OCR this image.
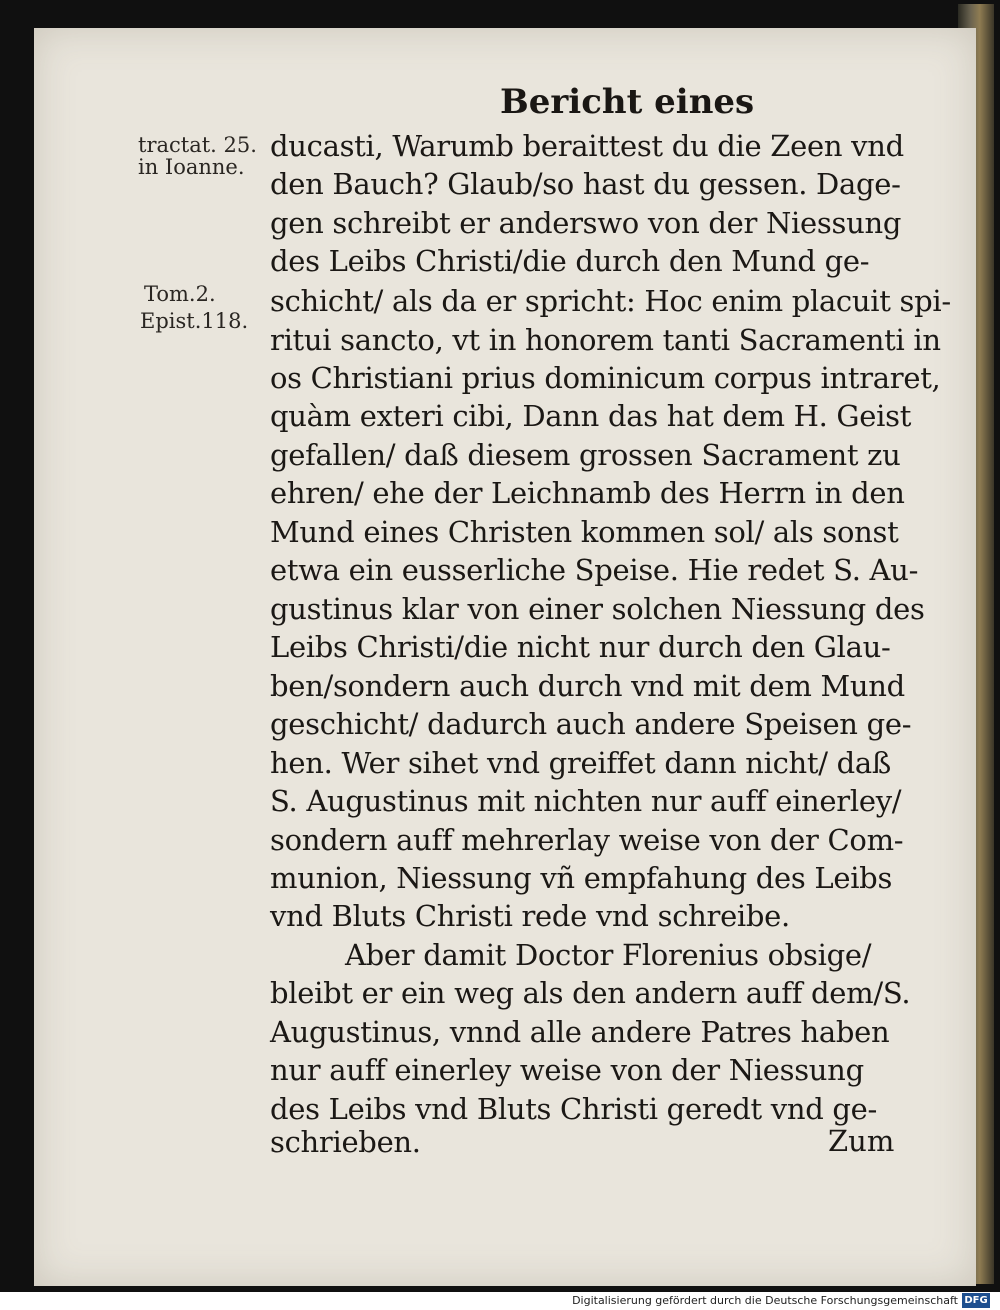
Bericht eines
tractat. 25.
in Ioanne.
Tom.2.
Epist.118.
ducasti, Warumb beraittest du die Zeen vnd
den Bauch? Glaub/so hast du gessen. Dage-
gen schreibt er anderswo von der Niessung
des Leibs Christi/die durch den Mund ge-
schicht/ als da er spricht: Hoc enim placuit spi-
ritui sancto, vt in honorem tanti Sacramenti in
os Christiani prius dominicum corpus intraret,
quàm exteri cibi, Dann das hat dem H. Geist
gefallen/ daß diesem grossen Sacrament zu
ehren/ ehe der Leichnamb des Herrn in den
Mund eines Christen kommen sol/ als sonst
etwa ein eusserliche Speise. Hie redet S. Au-
gustinus klar von einer solchen Niessung des
Leibs Christi/die nicht nur durch den Glau-
ben/sondern auch durch vnd mit dem Mund
geschicht/ dadurch auch andere Speisen ge-
hen. Wer sihet vnd greiffet dann nicht/ daß
S. Augustinus mit nichten nur auff einerley/
sondern auff mehrerlay weise von der Com-
munion, Niessung vñ empfahung des Leibs
vnd Bluts Christi rede vnd schreibe.
Aber damit Doctor Florenius obsige/
bleibt er ein weg als den andern auff dem/S.
Augustinus, vnnd alle andere Patres haben
nur auff einerley weise von der Niessung
des Leibs vnd Bluts Christi geredt vnd ge-
schrieben.	Zum
Digitalisierung gefördert durch die Deutsche Forschungsgemeinschaft DFG
